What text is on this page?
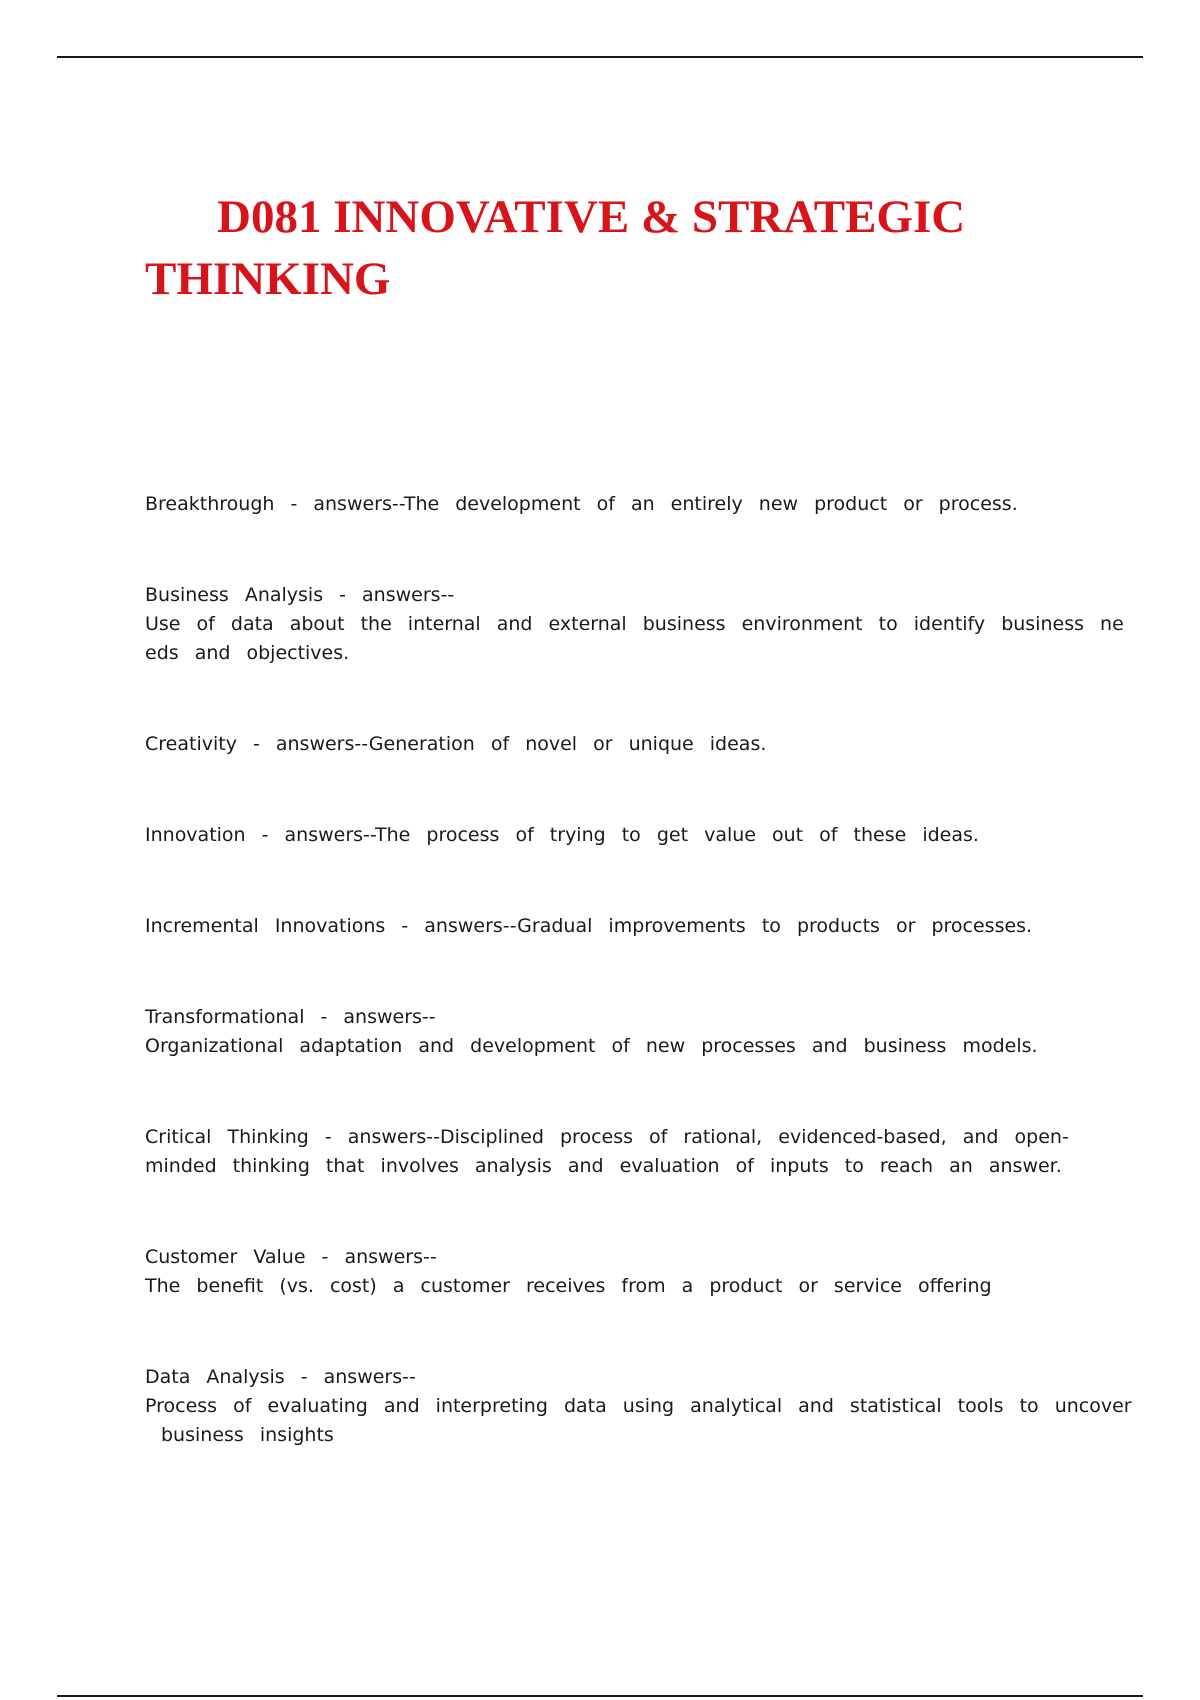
D081 INNOVATIVE & STRATEGIC
THINKING

Breakthrough - answers--The development of an entirely new product or process.

Business Analysis - answers--

Use of data about the internal and external business environment to identify business ne

eds and objectives.

Creativity - answers--Generation of novel or unique ideas.

Innovation - answers--The process of trying to get value out of these ideas.

Incremental Innovations - answers--Gradual improvements to products or processes.

Transformational - answers--

Organizational adaptation and development of new processes and business models.

Critical Thinking - answers--Disciplined process of rational, evidenced-based, and open-

minded thinking that involves analysis and evaluation of inputs to reach an answer.

Customer Value - answers--

The benefit (vs. cost) a customer receives from a product or service offering

Data Analysis - answers--

Process of evaluating and interpreting data using analytical and statistical tools to uncover

business insights
